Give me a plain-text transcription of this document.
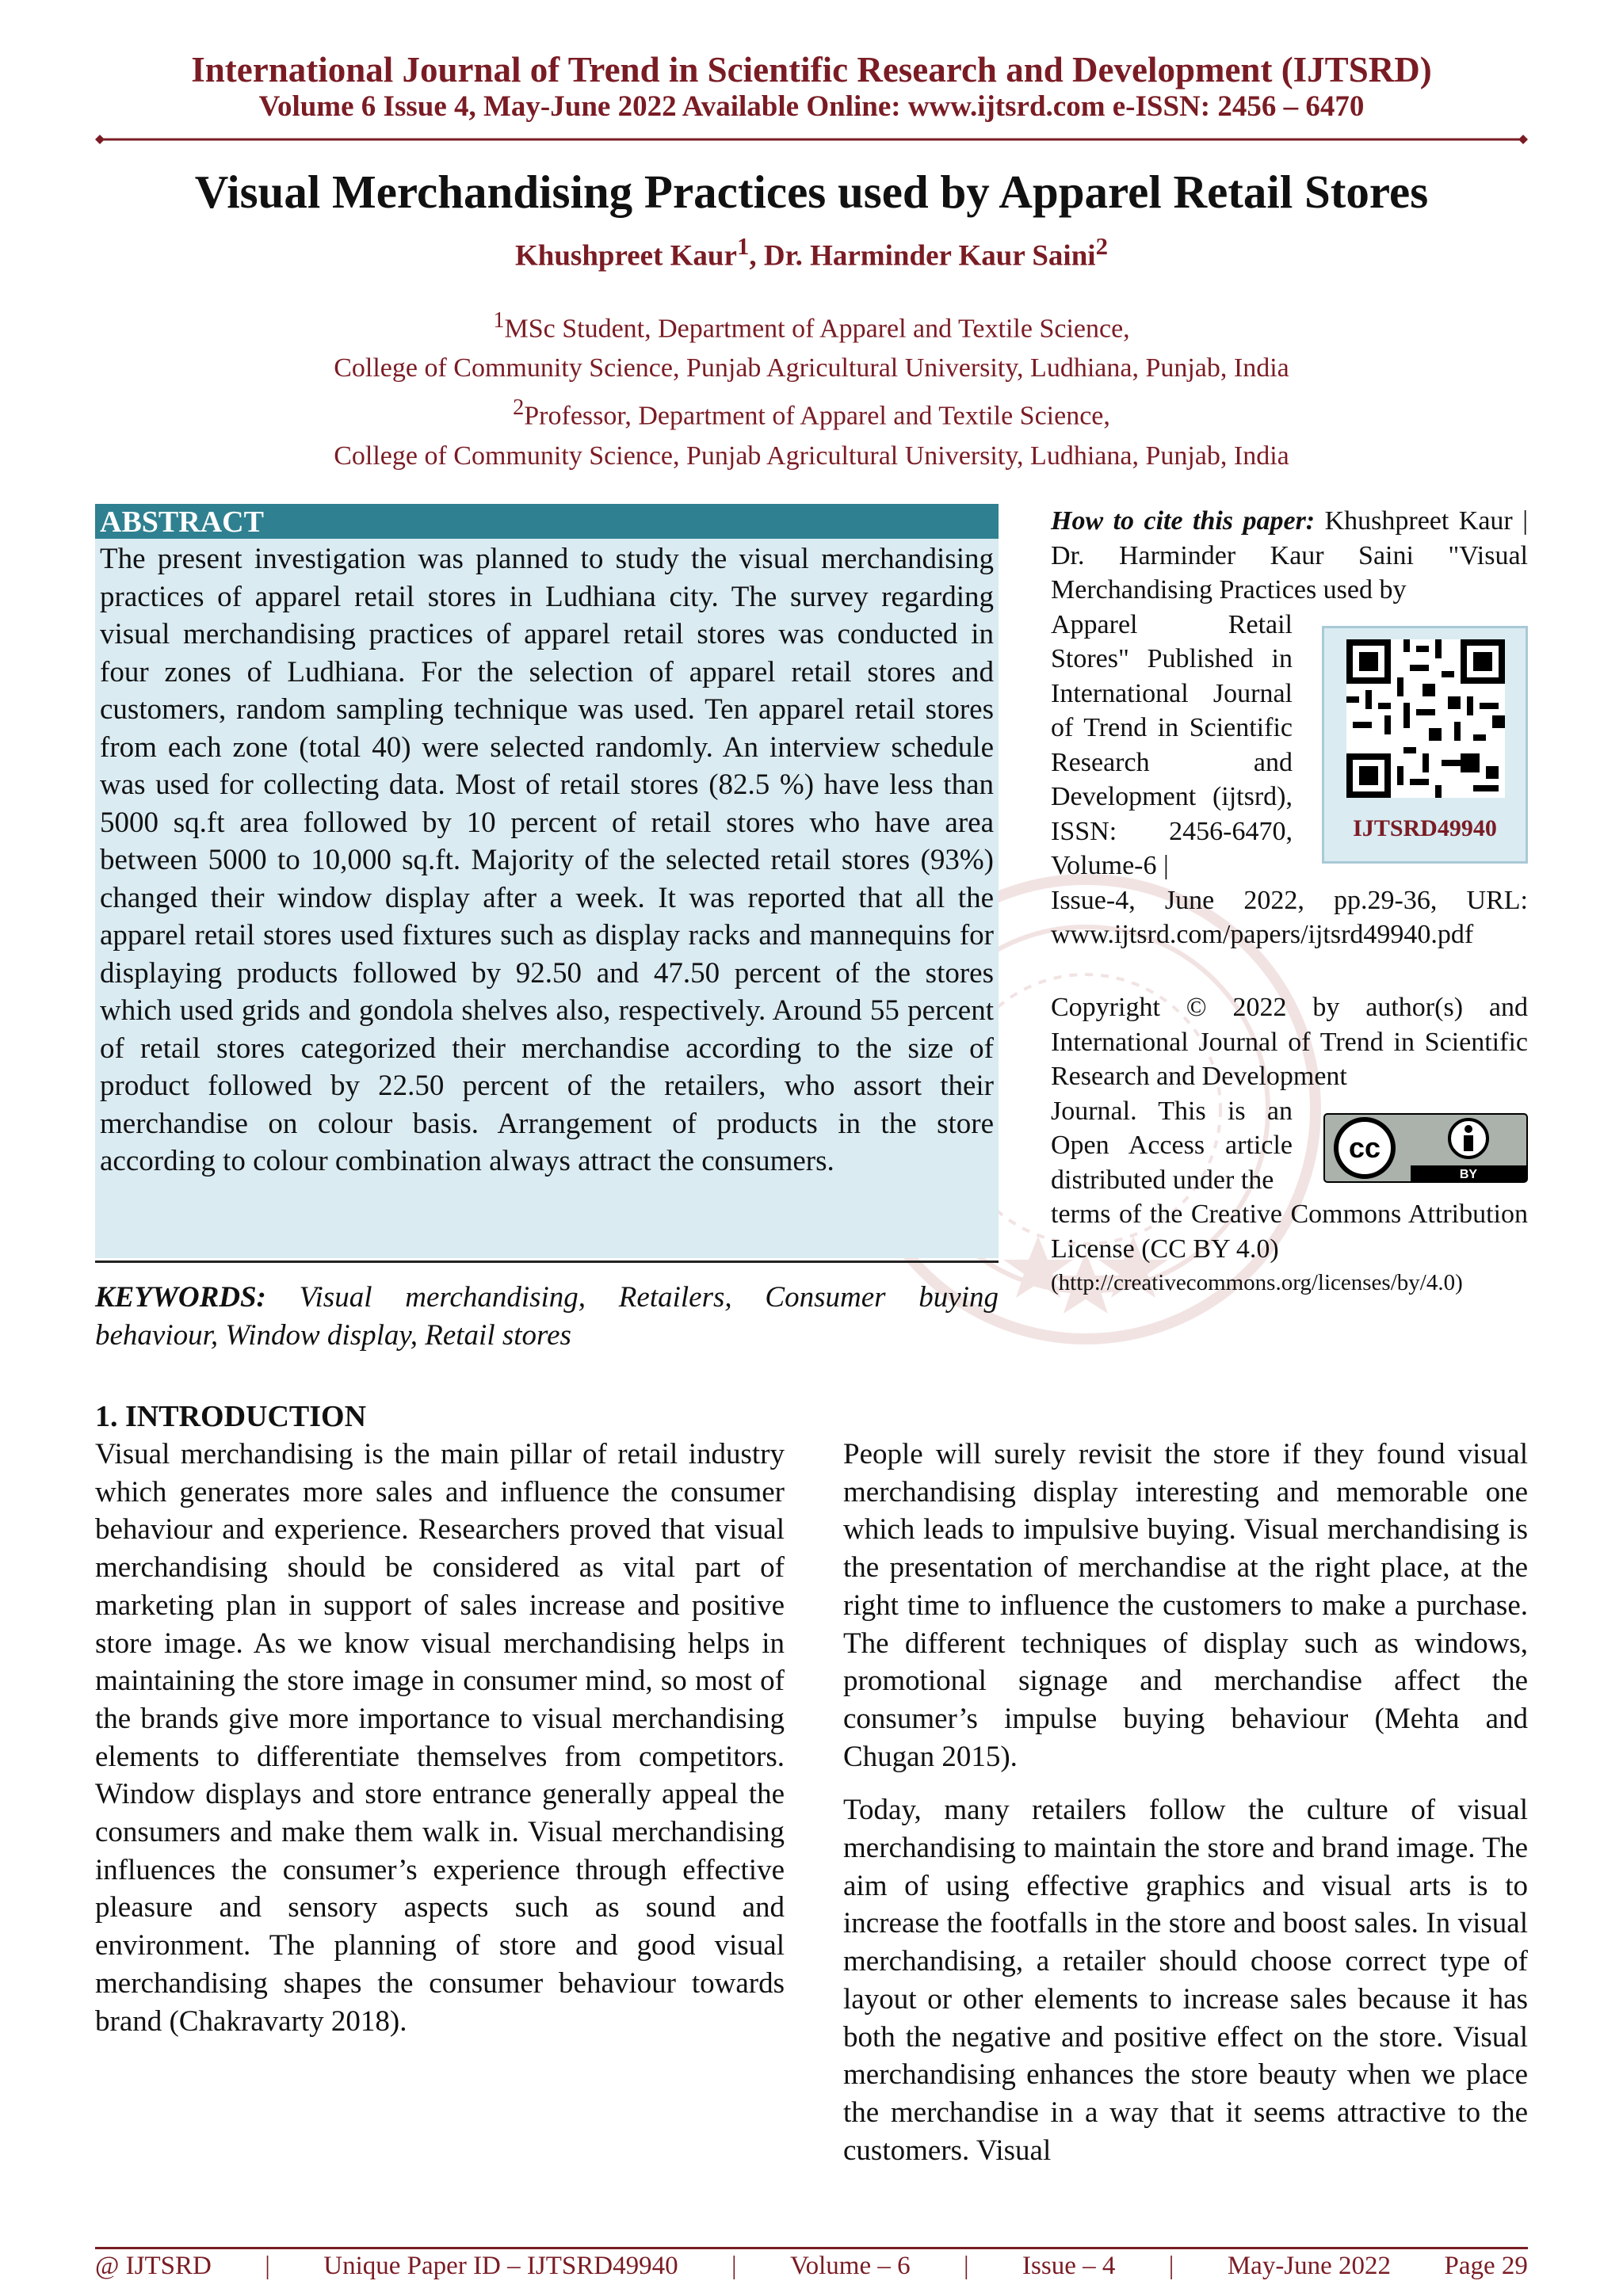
International Journal of Trend in Scientific Research and Development (IJTSRD)
Volume 6 Issue 4, May-June 2022 Available Online: www.ijtsrd.com e-ISSN: 2456 – 6470
Visual Merchandising Practices used by Apparel Retail Stores
Khushpreet Kaur$^1$, Dr. Harminder Kaur Saini$^2$
$^1$MSc Student, Department of Apparel and Textile Science,
College of Community Science, Punjab Agricultural University, Ludhiana, Punjab, India
$^2$Professor, Department of Apparel and Textile Science,
College of Community Science, Punjab Agricultural University, Ludhiana, Punjab, India
ABSTRACT
The present investigation was planned to study the visual merchandising practices of apparel retail stores in Ludhiana city. The survey regarding visual merchandising practices of apparel retail stores was conducted in four zones of Ludhiana. For the selection of apparel retail stores and customers, random sampling technique was used. Ten apparel retail stores from each zone (total 40) were selected randomly. An interview schedule was used for collecting data. Most of retail stores (82.5 %) have less than 5000 sq.ft area followed by 10 percent of retail stores who have area between 5000 to 10,000 sq.ft. Majority of the selected retail stores (93%) changed their window display after a week. It was reported that all the apparel retail stores used fixtures such as display racks and mannequins for displaying products followed by 92.50 and 47.50 percent of the stores which used grids and gondola shelves also, respectively. Around 55 percent of retail stores categorized their merchandise according to the size of product followed by 22.50 percent of the retailers, who assort their merchandise on colour basis. Arrangement of products in the store according to colour combination always attract the consumers.
KEYWORDS: Visual merchandising, Retailers, Consumer buying behaviour, Window display, Retail stores
How to cite this paper: Khushpreet Kaur | Dr. Harminder Kaur Saini "Visual Merchandising Practices used by
Apparel Retail Stores" Published in International Journal of Trend in Scientific Research and Development (ijtsrd), ISSN: 2456-6470, Volume-6 |
Issue-4, June 2022, pp.29-36, URL: www.ijtsrd.com/papers/ijtsrd49940.pdf
IJTSRD49940
Copyright © 2022 by author(s) and International Journal of Trend in Scientific Research and Development
Journal. This is an Open Access article distributed under the
terms of the Creative Commons Attribution License (CC BY 4.0)
(http://creativecommons.org/licenses/by/4.0)
cc
BY
1. INTRODUCTION

Visual merchandising is the main pillar of retail industry which generates more sales and influence the consumer behaviour and experience. Researchers proved that visual merchandising should be considered as vital part of marketing plan in support of sales increase and positive store image. As we know visual merchandising helps in maintaining the store image in consumer mind, so most of the brands give more importance to visual merchandising elements to differentiate themselves from competitors. Window displays and store entrance generally appeal the consumers and make them walk in. Visual merchandising influences the consumer’s experience through effective pleasure and sensory aspects such as sound and environment. The planning of store and good visual merchandising shapes the consumer behaviour towards brand (Chakravarty 2018).

People will surely revisit the store if they found visual merchandising display interesting and memorable one which leads to impulsive buying. Visual merchandising is the presentation of merchandise at the right place, at the right time to influence the customers to make a purchase. The different techniques of display such as windows, promotional signage and merchandise affect the consumer’s impulse buying behaviour (Mehta and Chugan 2015).

Today, many retailers follow the culture of visual merchandising to maintain the store and brand image. The aim of using effective graphics and visual arts is to increase the footfalls in the store and boost sales. In visual merchandising, a retailer should choose correct type of layout or other elements to increase sales because it has both the negative and positive effect on the store. Visual merchandising enhances the store beauty when we place the merchandise in a way that it seems attractive to the customers. Visual

@ IJTSRD | Unique Paper ID – IJTSRD49940 | Volume – 6 | Issue – 4 | May-June 2022 Page 29
